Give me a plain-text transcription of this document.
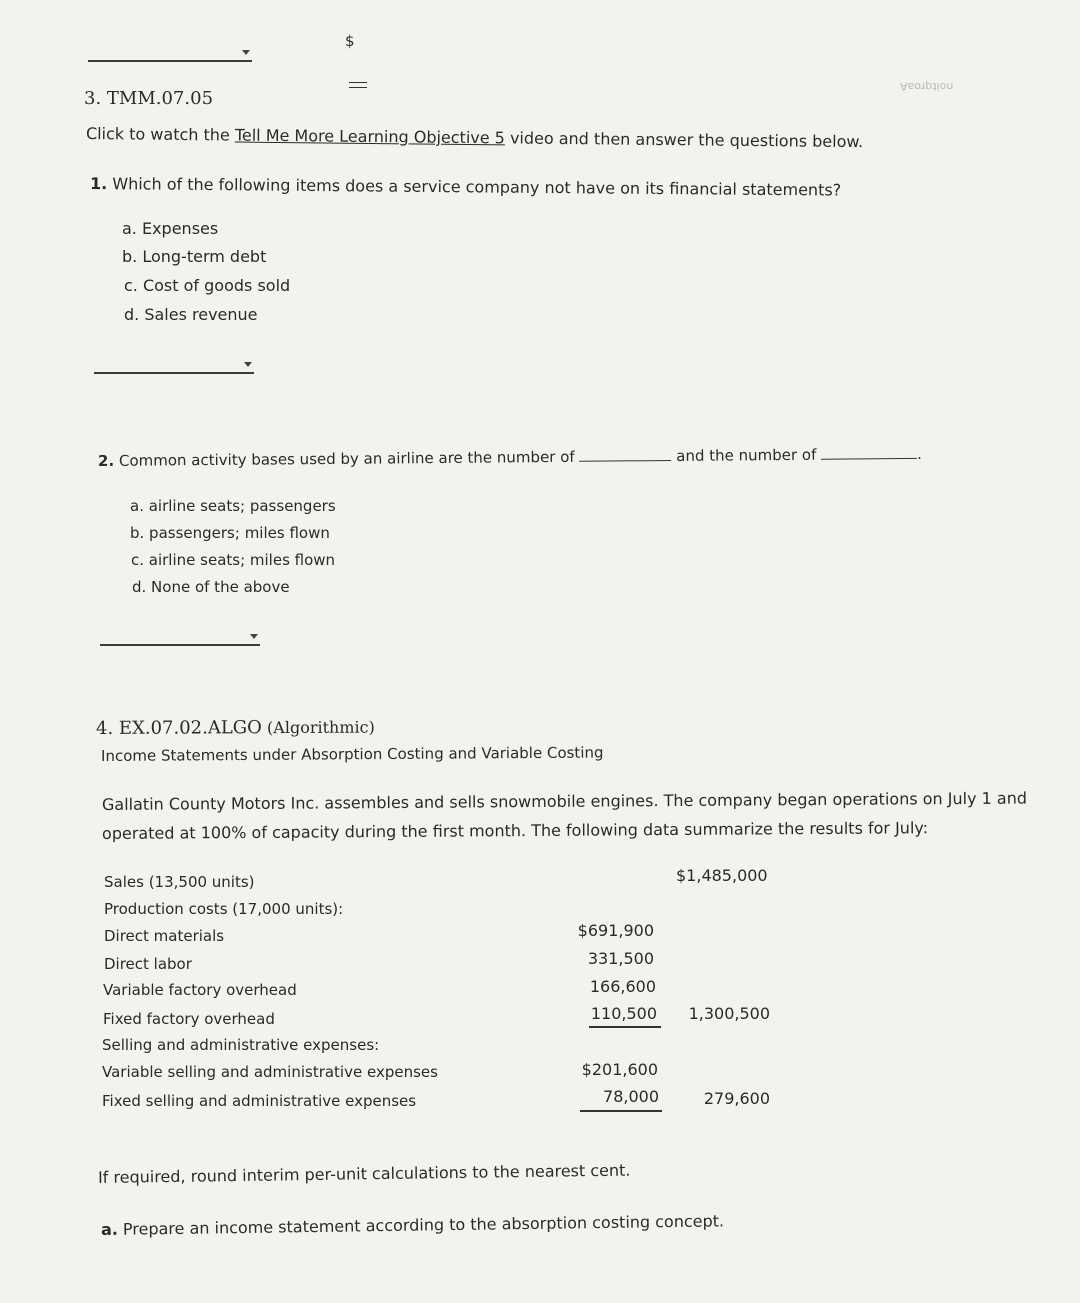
$
noitqroaA
3. TMM.07.05
Click to watch the Tell Me More Learning Objective 5 video and then answer the questions below.
1. Which of the following items does a service company not have on its financial statements?
a. Expenses
b. Long-term debt
c. Cost of goods sold
d. Sales revenue
2. Common activity bases used by an airline are the number of	and the number of	.
a. airline seats; passengers
b. passengers; miles flown
c. airline seats; miles flown
d. None of the above
4. EX.07.02.ALGO (Algorithmic)
Income Statements under Absorption Costing and Variable Costing
Gallatin County Motors Inc. assembles and sells snowmobile engines. The company began operations on July 1 and
operated at 100% of capacity during the first month. The following data summarize the results for July:
Sales (13,500 units)	$1,485,000
Production costs (17,000 units):
Direct materials	$691,900
Direct labor	331,500
Variable factory overhead	166,600
Fixed factory overhead	110,500	1,300,500
Selling and administrative expenses:
Variable selling and administrative expenses	$201,600
Fixed selling and administrative expenses	78,000	279,600
If required, round interim per-unit calculations to the nearest cent.
a. Prepare an income statement according to the absorption costing concept.
